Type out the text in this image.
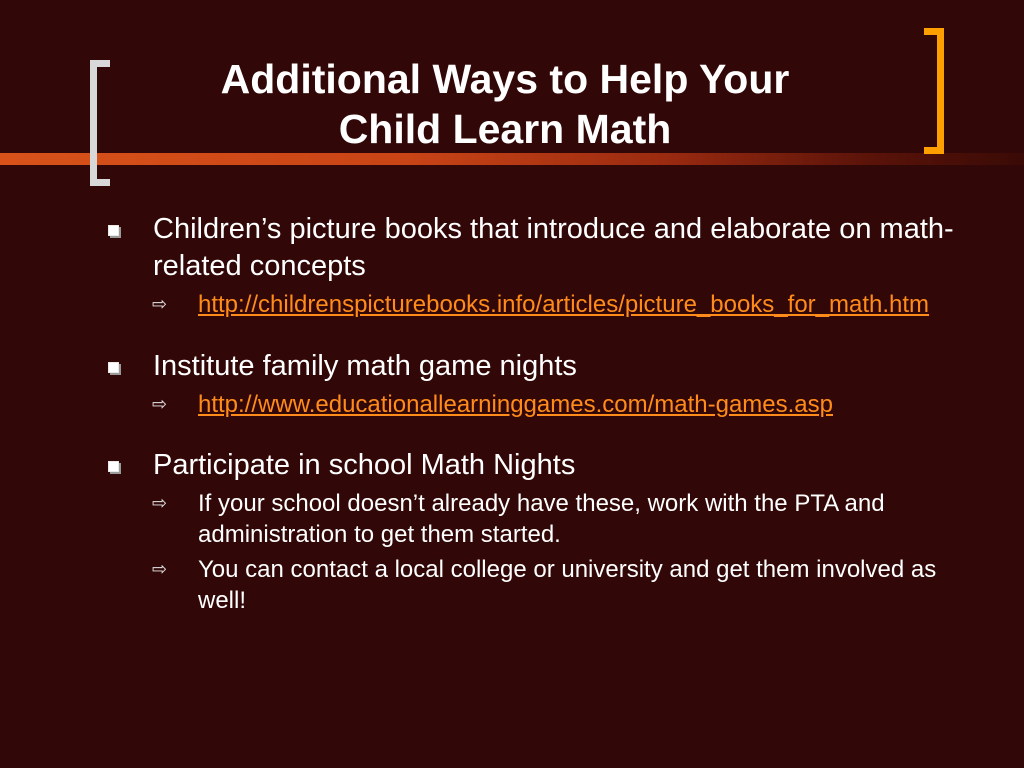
Additional Ways to Help Your
Child Learn Math
Children’s picture books that introduce and elaborate on math-related concepts
⇨ http://childrenspicturebooks.info/articles/picture_books_for_math.htm
Institute family math game nights
⇨ http://www.educationallearninggames.com/math-games.asp
Participate in school Math Nights
⇨ If your school doesn’t already have these, work with the PTA and administration to get them started.
⇨ You can contact a local college or university and get them involved as well!
